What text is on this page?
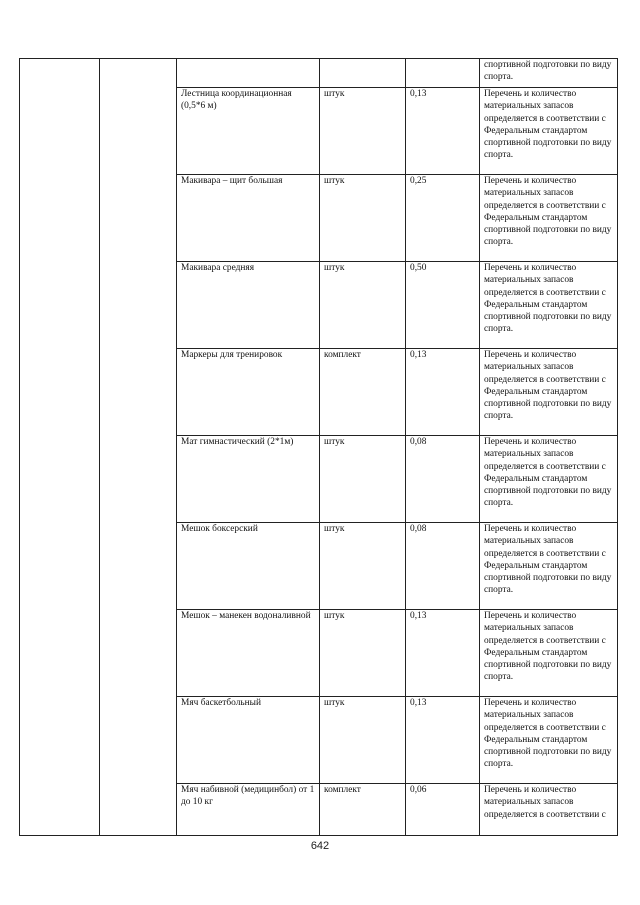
					спортивной подготовки по виду спорта.
		Лестница координационная (0,5*6 м)	штук	0,13	Перечень и количество материальных запасов определяется в соответствии с Федеральным стандартом спортивной подготовки по виду спорта.
		Макивара – щит большая	штук	0,25	Перечень и количество материальных запасов определяется в соответствии с Федеральным стандартом спортивной подготовки по виду спорта.
		Макивара средняя	штук	0,50	Перечень и количество материальных запасов определяется в соответствии с Федеральным стандартом спортивной подготовки по виду спорта.
		Маркеры для тренировок	комплект	0,13	Перечень и количество материальных запасов определяется в соответствии с Федеральным стандартом спортивной подготовки по виду спорта.
		Мат гимнастический (2*1м)	штук	0,08	Перечень и количество материальных запасов определяется в соответствии с Федеральным стандартом спортивной подготовки по виду спорта.
		Мешок боксерский	штук	0,08	Перечень и количество материальных запасов определяется в соответствии с Федеральным стандартом спортивной подготовки по виду спорта.
		Мешок – манекен водоналивной	штук	0,13	Перечень и количество материальных запасов определяется в соответствии с Федеральным стандартом спортивной подготовки по виду спорта.
		Мяч баскетбольный	штук	0,13	Перечень и количество материальных запасов определяется в соответствии с Федеральным стандартом спортивной подготовки по виду спорта.
		Мяч набивной (медицинбол) от 1 до 10 кг	комплект	0,06	Перечень и количество материальных запасов определяется в соответствии с
642
